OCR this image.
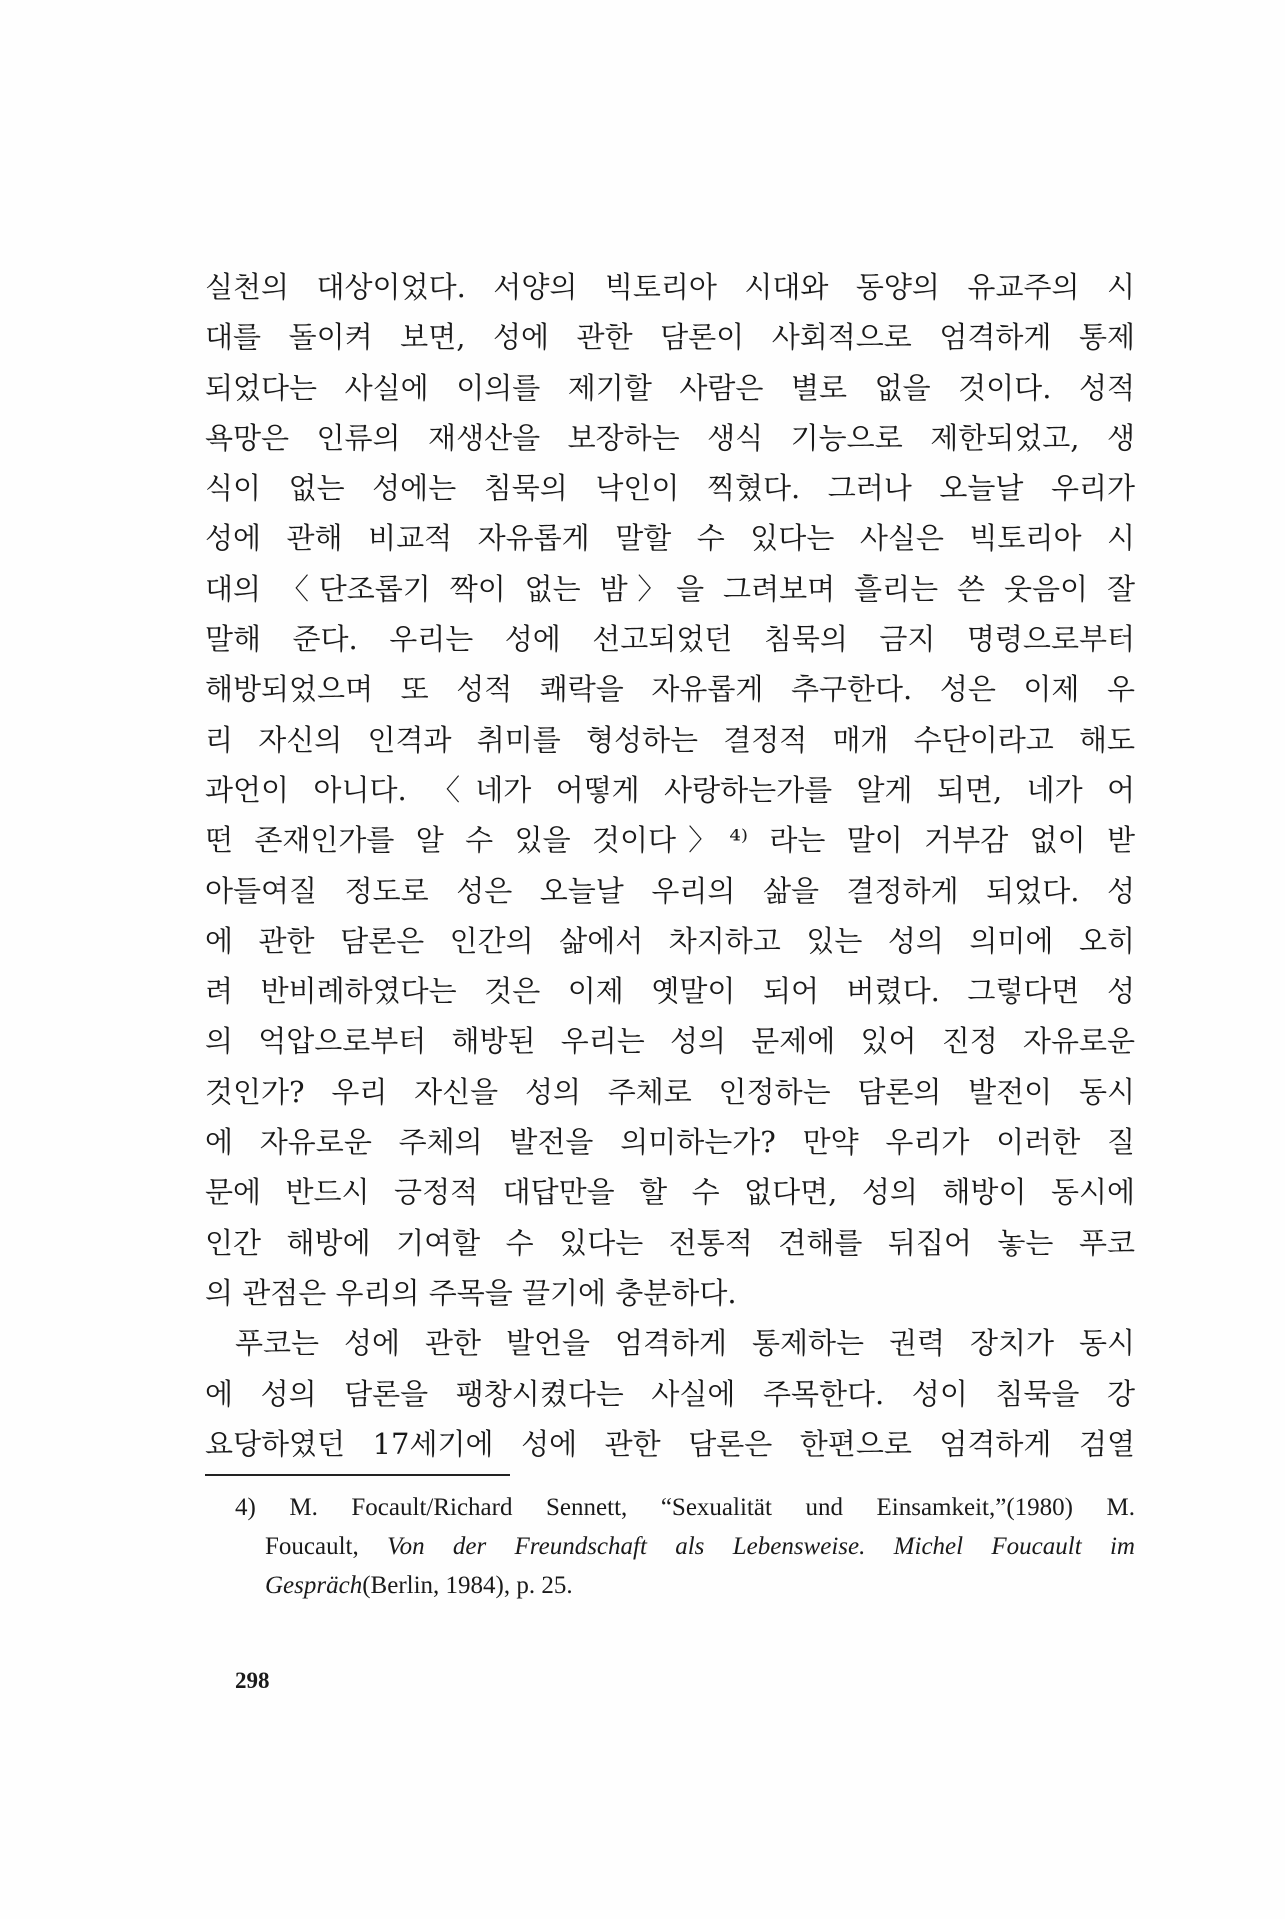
실천의 대상이었다. 서양의 빅토리아 시대와 동양의 유교주의 시
대를 돌이켜 보면, 성에 관한 담론이 사회적으로 엄격하게 통제
되었다는 사실에 이의를 제기할 사람은 별로 없을 것이다. 성적
욕망은 인류의 재생산을 보장하는 생식 기능으로 제한되었고, 생
식이 없는 성에는 침묵의 낙인이 찍혔다. 그러나 오늘날 우리가
성에 관해 비교적 자유롭게 말할 수 있다는 사실은 빅토리아 시
대의 〈단조롭기 짝이 없는 밤〉을 그려보며 흘리는 쓴 웃음이 잘
말해 준다. 우리는 성에 선고되었던 침묵의 금지 명령으로부터
해방되었으며 또 성적 쾌락을 자유롭게 추구한다. 성은 이제 우
리 자신의 인격과 취미를 형성하는 결정적 매개 수단이라고 해도
과언이 아니다. 〈네가 어떻게 사랑하는가를 알게 되면, 네가 어
떤 존재인가를 알 수 있을 것이다〉⁴⁾ 라는 말이 거부감 없이 받
아들여질 정도로 성은 오늘날 우리의 삶을 결정하게 되었다. 성
에 관한 담론은 인간의 삶에서 차지하고 있는 성의 의미에 오히
려 반비례하였다는 것은 이제 옛말이 되어 버렸다. 그렇다면 성
의 억압으로부터 해방된 우리는 성의 문제에 있어 진정 자유로운
것인가? 우리 자신을 성의 주체로 인정하는 담론의 발전이 동시
에 자유로운 주체의 발전을 의미하는가? 만약 우리가 이러한 질
문에 반드시 긍정적 대답만을 할 수 없다면, 성의 해방이 동시에
인간 해방에 기여할 수 있다는 전통적 견해를 뒤집어 놓는 푸코
의 관점은 우리의 주목을 끌기에 충분하다.
푸코는 성에 관한 발언을 엄격하게 통제하는 권력 장치가 동시
에 성의 담론을 팽창시켰다는 사실에 주목한다. 성이 침묵을 강
요당하였던 17세기에 성에 관한 담론은 한편으로 엄격하게 검열
4) M. Focault/Richard Sennett, “Sexualität und Einsamkeit,”(1980) M.
Foucault, Von der Freundschaft als Lebensweise. Michel Foucault im
Gespräch(Berlin, 1984), p. 25.
298
